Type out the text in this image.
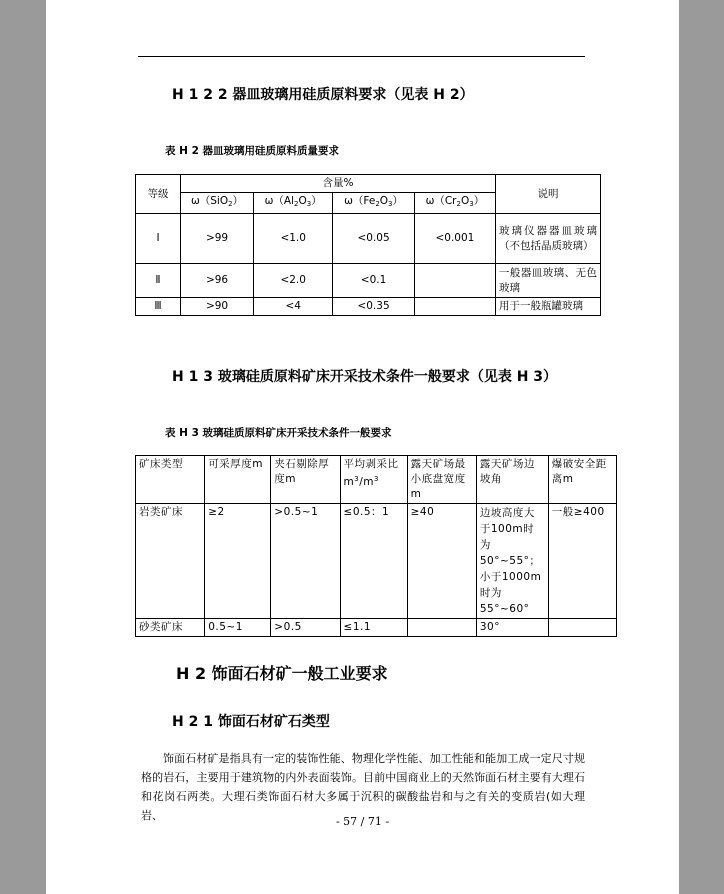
H 1 2 2 器皿玻璃用硅质原料要求（见表 H 2）
表 H 2 器皿玻璃用硅质原料质量要求
等级	含量%				说明
	ω（SiO$_2$）	$\omega(Al_2O_3)$	$\omega(Fe_2O_3)$	$\omega(Cr_2O_3)$	
Ⅰ	>99	<1.0	<0.05	<0.001	玻璃仪器器皿玻璃（不包括晶质玻璃）
Ⅱ	>96	<2.0	<0.1		一般器皿玻璃、无色玻璃
Ⅲ	>90	<4	<0.35		用于一般瓶罐玻璃
H 1 3 玻璃硅质原料矿床开采技术条件一般要求（见表 H 3）
表 H 3 玻璃硅质原料矿床开采技术条件一般要求
矿床类型	可采厚度m	夹石剔除厚度m	平均剥采比$m^3/m^3$	露天矿场最小底盘宽度m	露天矿场边坡角	爆破安全距离m
岩类矿床	≥2	>0.5~1	≤0.5：1	≥40	边坡高度大于100m时为50°~55°；小于1000m时为55°~60°	一般≥400
砂类矿床	0.5~1	>0.5	≤1.1		30°	
H 2 饰面石材矿一般工业要求
H 2 1 饰面石材矿石类型

饰面石材矿是指具有一定的装饰性能、物理化学性能、加工性能和能加工成一定尺寸规格的岩石，主要用于建筑物的内外表面装饰。目前中国商业上的天然饰面石材主要有大理石和花岗石两类。大理石类饰面石材大多属于沉积的碳酸盐岩和与之有关的变质岩(如大理岩、	- 57 / 71 -
